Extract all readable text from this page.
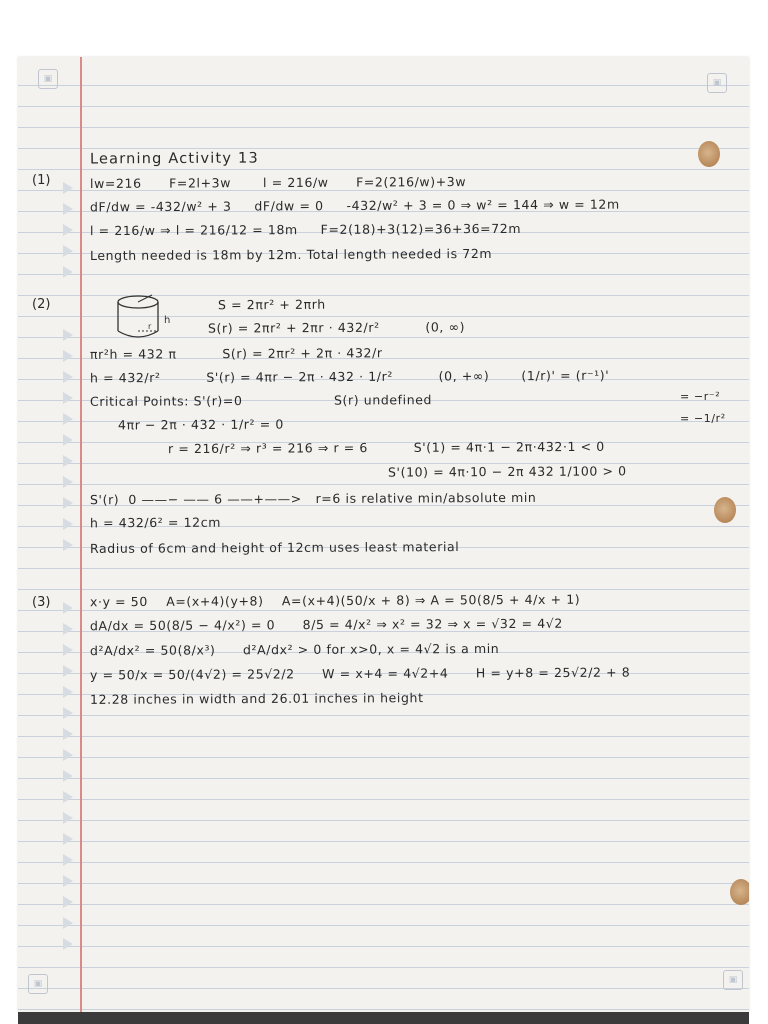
▣	▣
▣	▣
Learning Activity 13
(1)	lw=216      F=2l+3w       l = 216/w      F=2(216/w)+3w
dF/dw = -432/w² + 3     dF/dw = 0     -432/w² + 3 = 0 ⇒ w² = 144 ⇒ w = 12m
l = 216/w ⇒ l = 216/12 = 18m     F=2(18)+3(12)=36+36=72m
Length needed is 18m by 12m. Total length needed is 72m
(2)
r
h
S = 2πr² + 2πrh
S(r) = 2πr² + 2πr · 432/r²          (0, ∞)
πr²h = 432 π          S(r) = 2πr² + 2π · 432/r
h = 432/r²          S'(r) = 4πr − 2π · 432 · 1/r²          (0, +∞)       (1/r)' = (r⁻¹)'
= −r⁻²
= −1/r²
Critical Points: S'(r)=0                    S(r) undefined
4πr − 2π · 432 · 1/r² = 0
r = 216/r² ⇒ r³ = 216 ⇒ r = 6          S'(1) = 4π·1 − 2π·432·1 < 0
S'(10) = 4π·10 − 2π 432 1/100 > 0
S'(r)  0 ——− —— 6 ——+——>   r=6 is relative min/absolute min
h = 432/6² = 12cm
Radius of 6cm and height of 12cm uses least material
(3)	x·y = 50    A=(x+4)(y+8)    A=(x+4)(50/x + 8) ⇒ A = 50(8/5 + 4/x + 1)
dA/dx = 50(8/5 − 4/x²) = 0      8/5 = 4/x² ⇒ x² = 32 ⇒ x = √32 = 4√2
d²A/dx² = 50(8/x³)      d²A/dx² > 0 for x>0, x = 4√2 is a min
y = 50/x = 50/(4√2) = 25√2/2      W = x+4 = 4√2+4      H = y+8 = 25√2/2 + 8
12.28 inches in width and 26.01 inches in height
